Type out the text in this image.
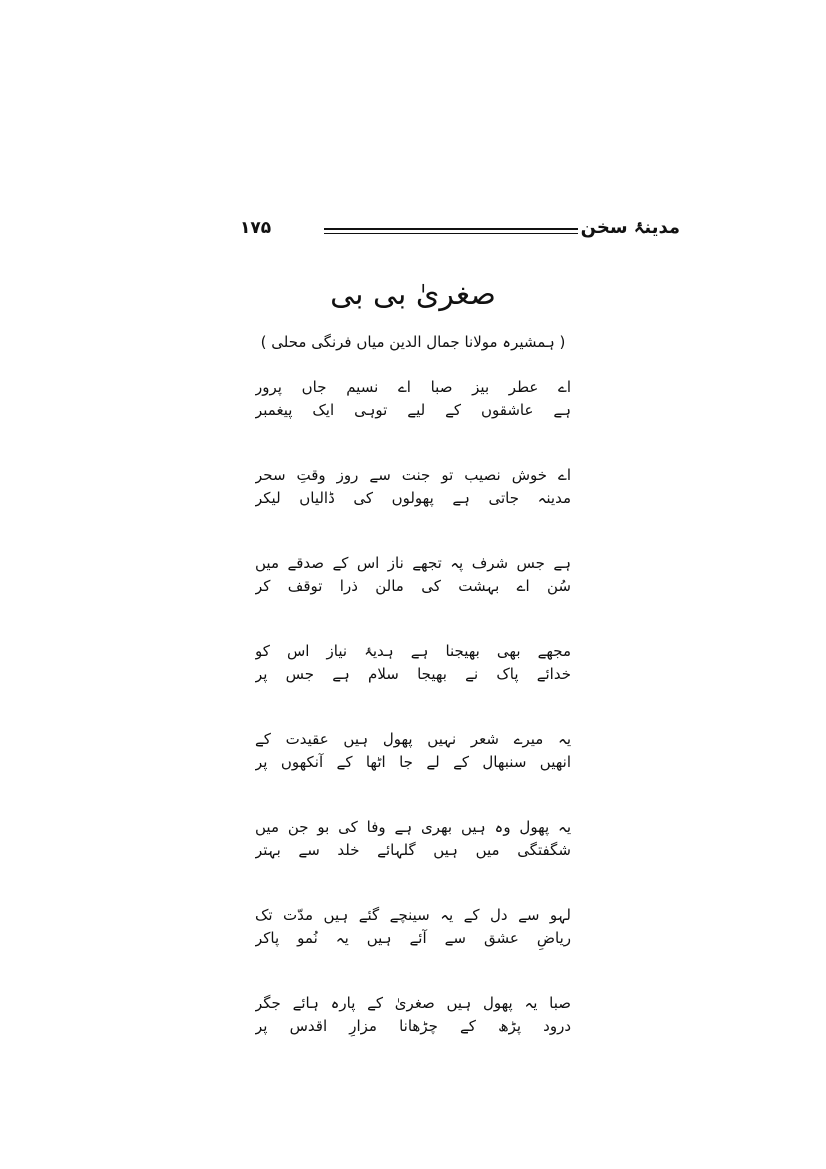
۱۷۵	مدینۂ سخن
صغریٰ بی بی
( ہمشیرہ مولانا جمال الدین میاں فرنگی محلی )
اے عطر بیز صبا اے نسیم جاں پرور
ہے عاشقوں کے لیے توہی ایک پیغمبر
اے خوش نصیب تو جنت سے روز وقتِ سحر
مدینہ جاتی ہے پھولوں کی ڈالیاں لیکر
ہے جس شرف پہ تجھے ناز اس کے صدقے میں
سُن اے بہشت کی مالن ذرا توقف کر
مجھے بھی بھیجنا ہے ہدیۂ نیاز اس کو
خدائے پاک نے بھیجا سلام ہے جس پر
یہ میرے شعر نہیں پھول ہیں عقیدت کے
انھیں سنبھال کے لے جا اٹھا کے آنکھوں پر
یہ پھول وہ ہیں بھری ہے وفا کی بو جن میں
شگفتگی میں ہیں گلہائے خلد سے بہتر
لہو سے دل کے یہ سینچے گئے ہیں مدّت تک
ریاضِ عشق سے آئے ہیں یہ نُمو پاکر
صبا یہ پھول ہیں صغریٰ کے پارہ ہائے جگر
درود پڑھ کے چڑھانا مزارِ اقدس پر
